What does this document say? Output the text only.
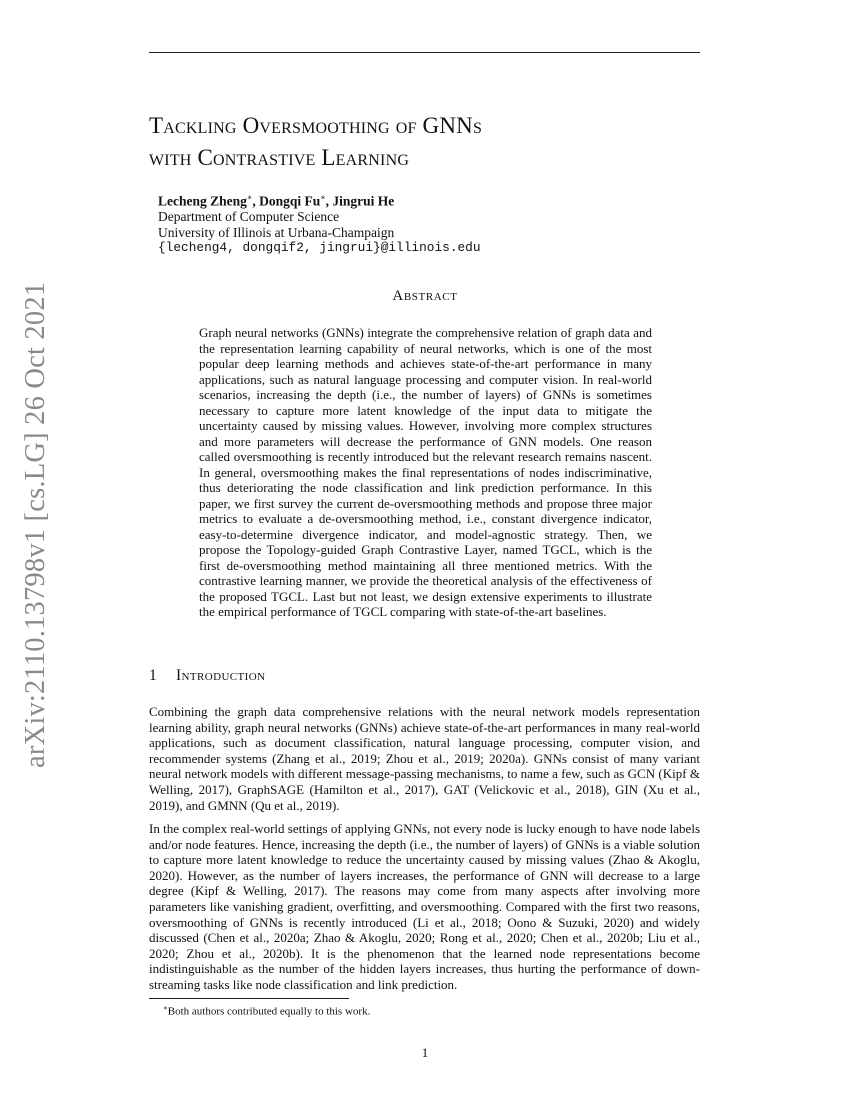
arXiv:2110.13798v1 [cs.LG] 26 Oct 2021
Tackling Oversmoothing of GNNs
with Contrastive Learning
Lecheng Zheng∗, Dongqi Fu∗, Jingrui He
Department of Computer Science
University of Illinois at Urbana-Champaign
{lecheng4, dongqif2, jingrui}@illinois.edu
Abstract
Graph neural networks (GNNs) integrate the comprehensive relation of graph data and the representation learning capability of neural networks, which is one of the most popular deep learning methods and achieves state-of-the-art performance in many applications, such as natural language processing and computer vision. In real-world scenarios, increasing the depth (i.e., the number of layers) of GNNs is sometimes necessary to capture more latent knowledge of the input data to mitigate the uncertainty caused by missing values. However, involving more complex structures and more parameters will decrease the performance of GNN models. One reason called oversmoothing is recently introduced but the relevant research remains nascent. In general, oversmoothing makes the final representations of nodes indiscriminative, thus deteriorating the node classification and link prediction performance. In this paper, we first survey the current de-oversmoothing methods and propose three major metrics to evaluate a de-oversmoothing method, i.e., constant divergence indicator, easy-to-determine divergence indicator, and model-agnostic strategy. Then, we propose the Topology-guided Graph Contrastive Layer, named TGCL, which is the first de-oversmoothing method maintaining all three mentioned metrics. With the contrastive learning manner, we provide the theoretical analysis of the effectiveness of the proposed TGCL. Last but not least, we design extensive experiments to illustrate the empirical performance of TGCL comparing with state-of-the-art baselines.
1 Introduction

Combining the graph data comprehensive relations with the neural network models representation learning ability, graph neural networks (GNNs) achieve state-of-the-art performances in many real-world applications, such as document classification, natural language processing, computer vision, and recommender systems (Zhang et al., 2019; Zhou et al., 2019; 2020a). GNNs consist of many variant neural network models with different message-passing mechanisms, to name a few, such as GCN (Kipf & Welling, 2017), GraphSAGE (Hamilton et al., 2017), GAT (Velickovic et al., 2018), GIN (Xu et al., 2019), and GMNN (Qu et al., 2019).

In the complex real-world settings of applying GNNs, not every node is lucky enough to have node labels and/or node features. Hence, increasing the depth (i.e., the number of layers) of GNNs is a viable solution to capture more latent knowledge to reduce the uncertainty caused by missing values (Zhao & Akoglu, 2020). However, as the number of layers increases, the performance of GNN will decrease to a large degree (Kipf & Welling, 2017). The reasons may come from many aspects after involving more parameters like vanishing gradient, overfitting, and oversmoothing. Compared with the first two reasons, oversmoothing of GNNs is recently introduced (Li et al., 2018; Oono & Suzuki, 2020) and widely discussed (Chen et al., 2020a; Zhao & Akoglu, 2020; Rong et al., 2020; Chen et al., 2020b; Liu et al., 2020; Zhou et al., 2020b). It is the phenomenon that the learned node representations become indistinguishable as the number of the hidden layers increases, thus hurting the performance of down-streaming tasks like node classification and link prediction.

∗Both authors contributed equally to this work.
1
